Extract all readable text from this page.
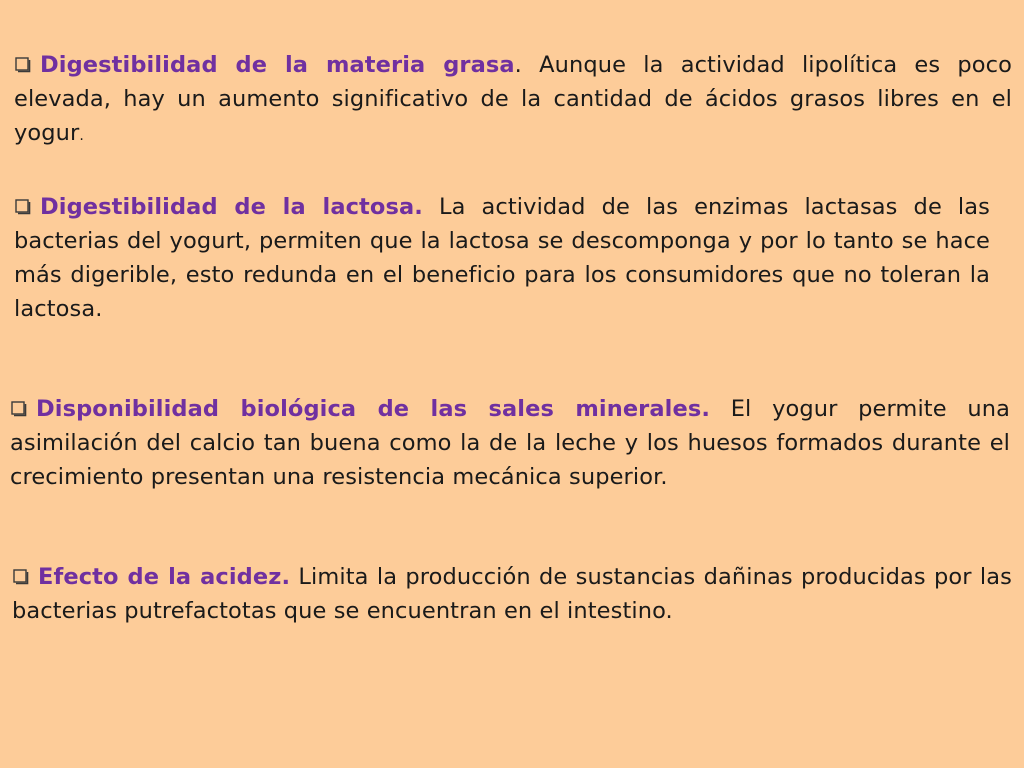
Digestibilidad de la materia grasa. Aunque la actividad lipolítica es poco elevada, hay un aumento significativo de la cantidad de ácidos grasos libres en el yogur.

Digestibilidad de la lactosa. La actividad de las enzimas lactasas de las bacterias del yogurt, permiten que la lactosa se descomponga y por lo tanto se hace más digerible, esto redunda en el beneficio para los consumidores que no toleran la lactosa.

Disponibilidad biológica de las sales minerales. El yogur permite una asimilación del calcio tan buena como la de la leche y los huesos formados durante el crecimiento presentan una resistencia mecánica superior.

Efecto de la acidez. Limita la producción de sustancias dañinas producidas por las bacterias putrefactotas que se encuentran en el intestino.
